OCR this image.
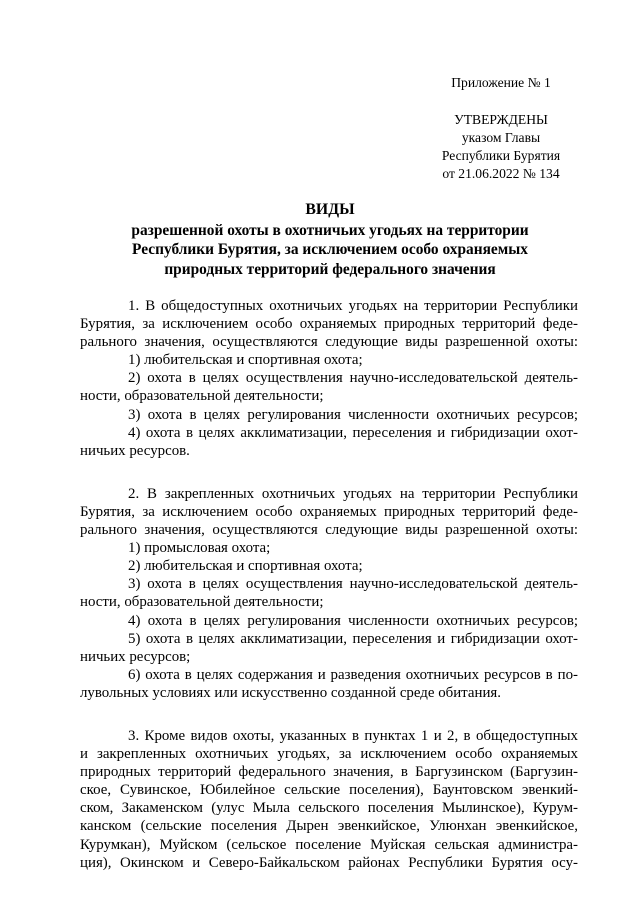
Приложение № 1
УТВЕРЖДЕНЫ
указом Главы
Республики Бурятия
от 21.06.2022 № 134
ВИДЫ
разрешенной охоты в охотничьих угодьях на территории
Республики Бурятия, за исключением особо охраняемых
природных территорий федерального значения
1. В общедоступных охотничьих угодьях на территории Республики
Бурятия, за исключением особо охраняемых природных территорий феде-
рального значения, осуществляются следующие виды разрешенной охоты:
1) любительская и спортивная охота;
2) охота в целях осуществления научно-исследовательской деятель-
ности, образовательной деятельности;
3) охота в целях регулирования численности охотничьих ресурсов;
4) охота в целях акклиматизации, переселения и гибридизации охот-
ничьих ресурсов.
2. В закрепленных охотничьих угодьях на территории Республики
Бурятия, за исключением особо охраняемых природных территорий феде-
рального значения, осуществляются следующие виды разрешенной охоты:
1) промысловая охота;
2) любительская и спортивная охота;
3) охота в целях осуществления научно-исследовательской деятель-
ности, образовательной деятельности;
4) охота в целях регулирования численности охотничьих ресурсов;
5) охота в целях акклиматизации, переселения и гибридизации охот-
ничьих ресурсов;
6) охота в целях содержания и разведения охотничьих ресурсов в по-
лувольных условиях или искусственно созданной среде обитания.
3. Кроме видов охоты, указанных в пунктах 1 и 2, в общедоступных
и закрепленных охотничьих угодьях, за исключением особо охраняемых
природных территорий федерального значения, в Баргузинском (Баргузин-
ское, Сувинское, Юбилейное сельские поселения), Баунтовском эвенкий-
ском, Закаменском (улус Мыла сельского поселения Мылинское), Курум-
канском (сельские поселения Дырен эвенкийское, Улюнхан эвенкийское,
Курумкан), Муйском (сельское поселение Муйская сельская администра-
ция), Окинском и Северо-Байкальском районах Республики Бурятия осу-
